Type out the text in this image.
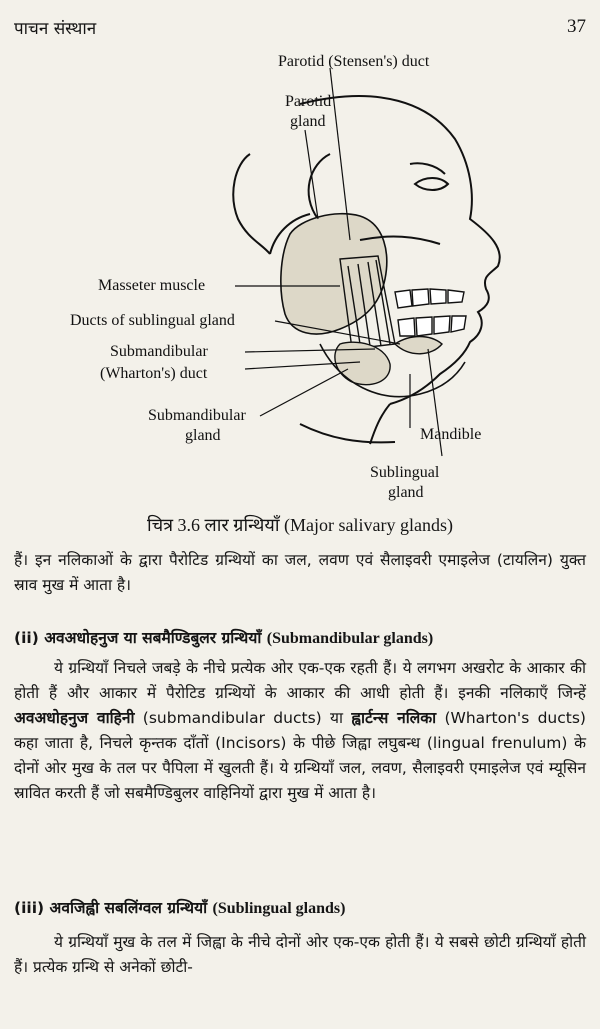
पाचन संस्थान	37
Parotid (Stensen's) duct
Parotid
gland
Masseter muscle
Ducts of sublingual gland
Submandibular
(Wharton's) duct
Submandibular
gland	Mandible
Sublingual
gland
चित्र 3.6 लार ग्रन्थियाँ (Major salivary glands)

हैं। इन नलिकाओं के द्वारा पैरोटिड ग्रन्थियों का जल, लवण एवं सैलाइवरी एमाइलेज (टायलिन) युक्त स्राव मुख में आता है।

(ii) अवअधोहनुज या सबमैण्डिबुलर ग्रन्थियाँ (Submandibular glands)

ये ग्रन्थियाँ निचले जबड़े के नीचे प्रत्येक ओर एक-एक रहती हैं। ये लगभग अखरोट के आकार की होती हैं और आकार में पैरोटिड ग्रन्थियों के आकार की आधी होती हैं। इनकी नलिकाएँ जिन्हें अवअधोहनुज वाहिनी (submandibular ducts) या ह्वार्टन्स नलिका (Wharton's ducts) कहा जाता है, निचले कृन्तक दाँतों (Incisors) के पीछे जिह्वा लघुबन्ध (lingual frenulum) के दोनों ओर मुख के तल पर पैपिला में खुलती हैं। ये ग्रन्थियाँ जल, लवण, सैलाइवरी एमाइलेज एवं म्यूसिन स्रावित करती हैं जो सबमैण्डिबुलर वाहिनियों द्वारा मुख में आता है।

(iii) अवजिह्वी सबलिंग्वल ग्रन्थियाँ (Sublingual glands)

ये ग्रन्थियाँ मुख के तल में जिह्वा के नीचे दोनों ओर एक-एक होती हैं। ये सबसे छोटी ग्रन्थियाँ होती हैं। प्रत्येक ग्रन्थि से अनेकों छोटी-
